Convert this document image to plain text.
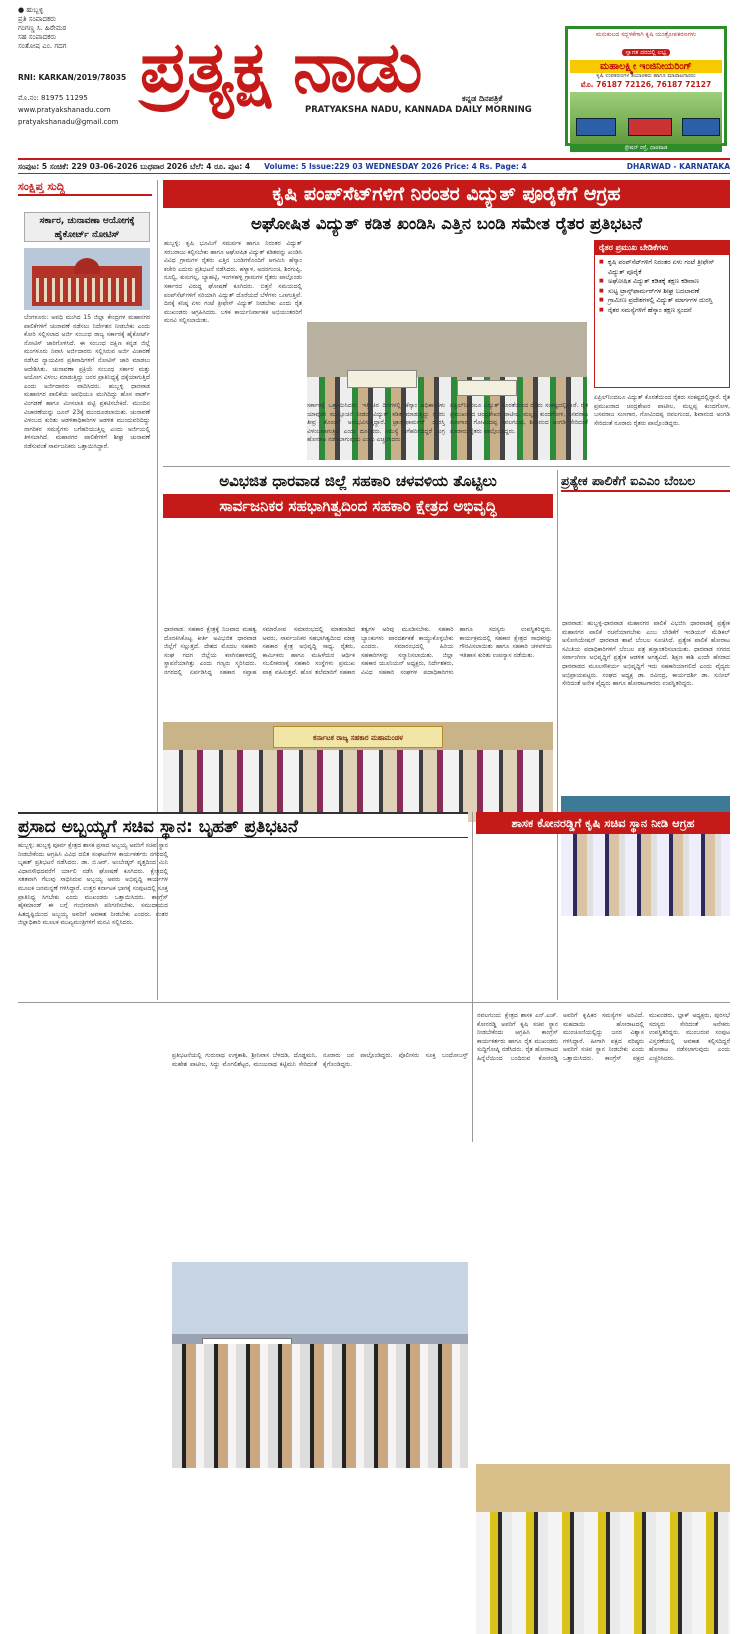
● ಹುಬ್ಬಳ್ಳಿ
ಪ್ರತಿ ಸಂಪಾದಕರು
ಗಂಗಣ್ಣ ಸಿ. ಹಿರೇಮಠ
ಸಹ ಸಂಪಾದಕರು
ಸಂತೋಷ ಎಂ. ಗದಗ
RNI: KARKAN/2019/78035
ಮೊ.ನಂ: 81975 11295
www.pratyakshanadu.com
pratyakshanadu@gmail.com
ಪ್ರತ್ಯಕ್ಷ ನಾಡು	ಕನ್ನಡ ದಿನಪತ್ರಿಕೆ
PRATYAKSHA NADU, KANNADA DAILY MORNING
ಮನುಕುಲದ ಸದ್ಬಳಕೆಗಾಗಿ ಕೃಷಿ ಯಂತ್ರೋಪಕರಣಗಳು
ಸ್ವಾಗತ ದರದಲ್ಲಿ ಲಭ್ಯ
ಮಹಾಲಕ್ಷ್ಮೀ ಇಂಜಿನೀಯರಿಂಗ್
ಕೃಷಿ ಉಪಕರಣಗಳ ತಯಾರಕರು ಹಾಗೂ ಮಾರಾಟಗಾರರು
ಮೊ. 76187 72126, 76187 72127
ಸ್ಟೇಷನ್ ರಸ್ತೆ, ಧಾರವಾಡ
ಸಂಪುಟ: 5 ಸಂಚಿಕೆ: 229 03-06-2026 ಬುಧವಾರ 2026 ಬೆಲೆ: 4 ರೂ. ಪುಟ: 4 Volume: 5 Issue:229 03 WEDNESDAY 2026 Price: 4 Rs. Page: 4	DHARWAD - KARNATAKA
ಸಂಕ್ಷಿಪ್ತ ಸುದ್ದಿ
ಸರ್ಕಾರ, ಚುನಾವಣಾ ಆಯೋಗಕ್ಕೆ ಹೈಕೋರ್ಟ್ ನೋಟಿಸ್
ಬೆಂಗಳೂರು: ಅವಧಿ ಮುಗಿದ 15 ಜಿಲ್ಲಾ ಕೇಂದ್ರಗಳ ಮಹಾನಗರ ಪಾಲಿಕೆಗಳಿಗೆ ಚುನಾವಣೆ ನಡೆಸಲು ನಿರ್ದೇಶನ ನೀಡಬೇಕು ಎಂದು ಕೋರಿ ಸಲ್ಲಿಸಲಾದ ಅರ್ಜಿ ಸಂಬಂಧ ರಾಜ್ಯ ಸರ್ಕಾರಕ್ಕೆ ಹೈಕೋರ್ಟ್ ನೋಟಿಸ್ ಜಾರಿಗೊಳಿಸಿದೆ. ಈ ಸಂಬಂಧ ದಕ್ಷಿಣ ಕನ್ನಡ ಜಿಲ್ಲೆ ಮಂಗಳೂರು ನಿವಾಸಿ ಅರ್ಜಿದಾರರು ಸಲ್ಲಿಸಿರುವ ಅರ್ಜಿ ವಿಚಾರಣೆ ನಡೆಸಿದ ನ್ಯಾಯಪೀಠ ಪ್ರತಿವಾದಿಗಳಿಗೆ ನೋಟಿಸ್ ಜಾರಿ ಮಾಡಲು ಆದೇಶಿಸಿತು. ಚುನಾವಣಾ ಪ್ರಕ್ರಿಯೆ ಸಂಬಂಧ ಸರ್ಕಾರ ಮತ್ತು ಆಯೋಗ ವಿಳಂಬ ಮಾಡುತ್ತಿದ್ದು ಜನರ ಪ್ರಾತಿನಿಧ್ಯಕ್ಕೆ ಧಕ್ಕೆಯಾಗುತ್ತಿದೆ ಎಂದು ಅರ್ಜಿದಾರರು ವಾದಿಸಿದರು. ಹುಬ್ಬಳ್ಳಿ ಧಾರವಾಡ ಮಹಾನಗರ ಪಾಲಿಕೆಯ ಅವಧಿಯೂ ಮುಗಿದಿದ್ದು ಹೊಸ ವಾರ್ಡ್ ವಿಂಗಡಣೆ ಹಾಗೂ ಮೀಸಲಾತಿ ಪಟ್ಟಿ ಪ್ರಕಟಿಸಬೇಕಿದೆ. ಮುಂದಿನ ವಿಚಾರಣೆಯನ್ನು ಜೂನ್ 23ಕ್ಕೆ ಮುಂದೂಡಲಾಯಿತು. ಚುನಾವಣೆ ವಿಳಂಬದ ಕುರಿತು ಆಡಳಿತಾಧಿಕಾರಿಗಳ ಆಡಳಿತ ಮುಂದುವರಿದಿದ್ದು ನಾಗರಿಕರ ಸಮಸ್ಯೆಗಳು ಬಗೆಹರಿಯುತ್ತಿಲ್ಲ ಎಂದು ಅರ್ಜಿಯಲ್ಲಿ ತಿಳಿಸಲಾಗಿದೆ. ಮಹಾನಗರ ಪಾಲಿಕೆಗಳಿಗೆ ಶೀಘ್ರ ಚುನಾವಣೆ ನಡೆಸುವಂತೆ ಸಾರ್ವಜನಿಕರು ಒತ್ತಾಯಿಸಿದ್ದಾರೆ.
ಕೃಷಿ ಪಂಪ್‌ಸೆಟ್‌ಗಳಿಗೆ ನಿರಂತರ ವಿದ್ಯುತ್ ಪೂರೈಕೆಗೆ ಆಗ್ರಹ
ಅಘೋಷಿತ ವಿದ್ಯುತ್ ಕಡಿತ ಖಂಡಿಸಿ ಎತ್ತಿನ ಬಂಡಿ ಸಮೇತ ರೈತರ ಪ್ರತಿಭಟನೆ
ಹುಬ್ಬಳ್ಳಿ: ಕೃಷಿ ಭೂಮಿಗೆ ಸಮರ್ಪಕ ಹಾಗೂ ನಿರಂತರ ವಿದ್ಯುತ್ ಸರಬರಾಜು ಕಲ್ಪಿಸಬೇಕು ಹಾಗೂ ಅಘೋಷಿತ ವಿದ್ಯುತ್ ಕಡಿತವನ್ನು ಖಂಡಿಸಿ ವಿವಿಧ ಗ್ರಾಮಗಳ ರೈತರು ಎತ್ತಿನ ಬಂಡಿಗಳೊಂದಿಗೆ ಆಗಮಿಸಿ ಹೆಸ್ಕಾಂ ಕಚೇರಿ ಎದುರು ಪ್ರತಿಭಟನೆ ನಡೆಸಿದರು. ಹಳ್ಯಾಳ, ಅದರಗುಂಚಿ, ಶಿರಗುಪ್ಪಿ, ನೂಲ್ವಿ, ಕುಸುಗಲ್ಲ, ಬ್ಯಾಹಟ್ಟಿ, ಇಂಗಳಹಳ್ಳಿ ಗ್ರಾಮಗಳ ರೈತರು ಪಾಲ್ಗೊಂಡು ಸರ್ಕಾರದ ವಿರುದ್ಧ ಘೋಷಣೆ ಕೂಗಿದರು. ಬಿತ್ತನೆ ಸಮಯದಲ್ಲಿ ಪಂಪ್‌ಸೆಟ್‌ಗಳಿಗೆ ಸರಿಯಾಗಿ ವಿದ್ಯುತ್ ದೊರೆಯದೆ ಬೆಳೆಗಳು ಒಣಗುತ್ತಿವೆ. ದಿನಕ್ಕೆ ಕನಿಷ್ಠ ಏಳು ಗಂಟೆ ತ್ರೀಫೇಸ್ ವಿದ್ಯುತ್ ನೀಡಬೇಕು ಎಂದು ರೈತ ಮುಖಂಡರು ಆಗ್ರಹಿಸಿದರು. ಬಳಿಕ ಕಾರ್ಯನಿರ್ವಾಹಕ ಅಭಿಯಂತರರಿಗೆ ಮನವಿ ಸಲ್ಲಿಸಲಾಯಿತು.
ಸರ್ಕಾರಕ್ಕೆ ಒತ್ತಾಯಿಸಿದರು. ಇತ್ತೀಚಿನ ದಿನಗಳಲ್ಲಿ ಹೆಸ್ಕಾಂ ಅಧಿಕಾರಿಗಳು ಯಾವುದೇ ಮುನ್ಸೂಚನೆ ನೀಡದೆ ವಿದ್ಯುತ್ ಕಡಿತ ಮಾಡುತ್ತಿದ್ದು ರೈತರು ತೀವ್ರ ತೊಂದರೆ ಅನುಭವಿಸುತ್ತಿದ್ದಾರೆ. ಟ್ರಾನ್ಸ್‌ಫಾರ್ಮರ್ ದುರಸ್ತಿ ವಿಳಂಬವಾಗುತ್ತಿದೆ ಎಂದು ದೂರಿದರು. ಸಮಸ್ಯೆ ಬಗೆಹರಿಸದಿದ್ದರೆ ಉಗ್ರ ಹೋರಾಟ ನಡೆಸಲಾಗುವುದು ಎಂದು ಎಚ್ಚರಿಸಿದರು.
ಏಪ್ರಿಲ್‌ನಿಂದಲೂ ವಿದ್ಯುತ್ ಕೊರತೆಯಿಂದ ರೈತರು ಸಂಕಷ್ಟದಲ್ಲಿದ್ದಾರೆ. ರೈತ ಪ್ರಮುಖರಾದ ಚಂದ್ರಶೇಖರ ಪಾಟೀಲ, ಮಲ್ಲಪ್ಪ ಕುಂದಗೋಳ, ಬಸವರಾಜ ಸುಣಗಾರ, ಗೋವಿಂದಪ್ಪ ನವಲಗುಂದ, ಶಿವಾನಂದ ಅಂಗಡಿ ಸೇರಿದಂತೆ ನೂರಾರು ರೈತರು ಪಾಲ್ಗೊಂಡಿದ್ದರು.
ರೈತರ ಪ್ರಮುಖ ಬೇಡಿಕೆಗಳು
■ ಕೃಷಿ ಪಂಪ್‌ಸೆಟ್‌ಗಳಿಗೆ ನಿರಂತರ ಏಳು ಗಂಟೆ ತ್ರೀಫೇಸ್ ವಿದ್ಯುತ್ ಪೂರೈಕೆ
■ ಅಘೋಷಿತ ವಿದ್ಯುತ್ ಕಡಿತಕ್ಕೆ ತಕ್ಷಣ ಕಡಿವಾಣ
■ ಸುಟ್ಟ ಟ್ರಾನ್ಸ್‌ಫಾರ್ಮರ್‌ಗಳ ಶೀಘ್ರ ಬದಲಾವಣೆ
■ ಗ್ರಾಮೀಣ ಪ್ರದೇಶಗಳಲ್ಲಿ ವಿದ್ಯುತ್ ಮಾರ್ಗಗಳ ದುರಸ್ತಿ
■ ರೈತರ ಸಮಸ್ಯೆಗಳಿಗೆ ಹೆಸ್ಕಾಂ ತಕ್ಷಣ ಸ್ಪಂದನೆ
ಏಪ್ರಿಲ್‌ನಿಂದಲೂ ವಿದ್ಯುತ್ ಕೊರತೆಯಿಂದ ರೈತರು ಸಂಕಷ್ಟದಲ್ಲಿದ್ದಾರೆ. ರೈತ ಪ್ರಮುಖರಾದ ಚಂದ್ರಶೇಖರ ಪಾಟೀಲ, ಮಲ್ಲಪ್ಪ ಕುಂದಗೋಳ, ಬಸವರಾಜ ಸುಣಗಾರ, ಗೋವಿಂದಪ್ಪ ನವಲಗುಂದ, ಶಿವಾನಂದ ಅಂಗಡಿ ಸೇರಿದಂತೆ ನೂರಾರು ರೈತರು ಪಾಲ್ಗೊಂಡಿದ್ದರು.
ಅವಿಭಜಿತ ಧಾರವಾಡ ಜಿಲ್ಲೆ ಸಹಕಾರಿ ಚಳವಳಿಯ ತೊಟ್ಟಿಲು
ಸಾರ್ವಜನಿಕರ ಸಹಭಾಗಿತ್ವದಿಂದ ಸಹಕಾರಿ ಕ್ಷೇತ್ರದ ಅಭಿವೃದ್ಧಿ
ಕರ್ನಾಟಕ ರಾಜ್ಯ ಸಹಕಾರ ಮಹಾಮಂಡಳ
ಧಾರವಾಡ: ಸಹಕಾರ ಕ್ಷೇತ್ರಕ್ಕೆ ನಿಜವಾದ ಮಹತ್ವ ದೊರಕಿಸಿಕೊಟ್ಟ ಕೀರ್ತಿ ಅವಿಭಜಿತ ಧಾರವಾಡ ಜಿಲ್ಲೆಗೆ ಸಲ್ಲುತ್ತದೆ. ದೇಶದ ಮೊದಲ ಸಹಕಾರಿ ಸಂಘ ಗದಗ ಜಿಲ್ಲೆಯ ಕಣಗಿನಹಾಳದಲ್ಲಿ ಸ್ಥಾಪನೆಯಾಗಿತ್ತು ಎಂದು ಗಣ್ಯರು ಸ್ಮರಿಸಿದರು. ನಗರದಲ್ಲಿ ಏರ್ಪಡಿಸಿದ್ದ ಸಹಕಾರ ಸಪ್ತಾಹ ಸಮಾರೋಪ ಸಮಾರಂಭದಲ್ಲಿ ಮಾತನಾಡಿದ ಅವರು, ಸಾರ್ವಜನಿಕರ ಸಹಭಾಗಿತ್ವದಿಂದ ಮಾತ್ರ ಸಹಕಾರ ಕ್ಷೇತ್ರ ಅಭಿವೃದ್ಧಿ ಸಾಧ್ಯ. ರೈತರು, ಕಾರ್ಮಿಕರು ಹಾಗೂ ಮಹಿಳೆಯರ ಆರ್ಥಿಕ ಸಬಲೀಕರಣಕ್ಕೆ ಸಹಕಾರಿ ಸಂಸ್ಥೆಗಳು ಪ್ರಮುಖ ಪಾತ್ರ ವಹಿಸುತ್ತವೆ. ಹೊಸ ತಲೆಮಾರಿಗೆ ಸಹಕಾರ ತತ್ವಗಳ ಅರಿವು ಮೂಡಿಸಬೇಕು. ಸಹಕಾರಿ ಬ್ಯಾಂಕುಗಳು ಪಾರದರ್ಶಕತೆ ಕಾಯ್ದುಕೊಳ್ಳಬೇಕು ಎಂದರು. ಸಮಾರಂಭದಲ್ಲಿ ಹಿರಿಯ ಸಹಕಾರಿಗಳನ್ನು ಸನ್ಮಾನಿಸಲಾಯಿತು. ಜಿಲ್ಲಾ ಸಹಕಾರ ಯೂನಿಯನ್ ಅಧ್ಯಕ್ಷರು, ನಿರ್ದೇಶಕರು, ವಿವಿಧ ಸಹಕಾರಿ ಸಂಘಗಳ ಪದಾಧಿಕಾರಿಗಳು ಹಾಗೂ ಸದಸ್ಯರು ಉಪಸ್ಥಿತರಿದ್ದರು. ಕಾರ್ಯಕ್ರಮದಲ್ಲಿ ಸಹಕಾರ ಕ್ಷೇತ್ರದ ಸಾಧಕರನ್ನು ಗೌರವಿಸಲಾಯಿತು ಹಾಗೂ ಸಹಕಾರಿ ಚಳವಳಿಯ ಇತಿಹಾಸ ಕುರಿತು ಉಪನ್ಯಾಸ ನಡೆಯಿತು.
ಪ್ರತ್ಯೇಕ ಪಾಲಿಕೆಗೆ ಐಎಎಂ ಬೆಂಬಲ
ಧಾರವಾಡ: ಹುಬ್ಬಳ್ಳಿ-ಧಾರವಾಡ ಮಹಾನಗರ ಪಾಲಿಕೆ ವಿಭಜಿಸಿ ಧಾರವಾಡಕ್ಕೆ ಪ್ರತ್ಯೇಕ ಮಹಾನಗರ ಪಾಲಿಕೆ ರಚನೆಯಾಗಬೇಕು ಎಂಬ ಬೇಡಿಕೆಗೆ ಇಂಡಿಯನ್ ಮೆಡಿಕಲ್ ಅಸೋಸಿಯೇಷನ್ ಧಾರವಾಡ ಶಾಖೆ ಬೆಂಬಲ ಸೂಚಿಸಿದೆ. ಪ್ರತ್ಯೇಕ ಪಾಲಿಕೆ ಹೋರಾಟ ಸಮಿತಿಯ ಪದಾಧಿಕಾರಿಗಳಿಗೆ ಬೆಂಬಲ ಪತ್ರ ಹಸ್ತಾಂತರಿಸಲಾಯಿತು. ಧಾರವಾಡ ನಗರದ ಸರ್ವಾಂಗೀಣ ಅಭಿವೃದ್ಧಿಗೆ ಪ್ರತ್ಯೇಕ ಆಡಳಿತ ಅಗತ್ಯವಿದೆ. ಶಿಕ್ಷಣ ಕಾಶಿ ಎಂದೇ ಹೆಸರಾದ ಧಾರವಾಡದ ಮೂಲಸೌಕರ್ಯ ಅಭಿವೃದ್ಧಿಗೆ ಇದು ಸಹಕಾರಿಯಾಗಲಿದೆ ಎಂದು ವೈದ್ಯರು ಅಭಿಪ್ರಾಯಪಟ್ಟರು. ಸಂಘದ ಅಧ್ಯಕ್ಷ ಡಾ. ರವೀಂದ್ರ, ಕಾರ್ಯದರ್ಶಿ ಡಾ. ಸುನೀಲ್ ಸೇರಿದಂತೆ ಅನೇಕ ವೈದ್ಯರು ಹಾಗೂ ಹೋರಾಟಗಾರರು ಉಪಸ್ಥಿತರಿದ್ದರು.
ಪ್ರಸಾದ ಅಬ್ಬಯ್ಯಗೆ ಸಚಿವ ಸ್ಥಾನ: ಬೃಹತ್ ಪ್ರತಿಭಟನೆ
ಹುಬ್ಬಳ್ಳಿ: ಹುಬ್ಬಳ್ಳಿ ಪೂರ್ವ ಕ್ಷೇತ್ರದ ಶಾಸಕ ಪ್ರಸಾದ ಅಬ್ಬಯ್ಯ ಅವರಿಗೆ ಸಚಿವ ಸ್ಥಾನ ನೀಡಬೇಕೆಂದು ಆಗ್ರಹಿಸಿ ವಿವಿಧ ದಲಿತ ಸಂಘಟನೆಗಳ ಕಾರ್ಯಕರ್ತರು ನಗರದಲ್ಲಿ ಬೃಹತ್ ಪ್ರತಿಭಟನೆ ನಡೆಸಿದರು. ಡಾ. ಬಿ.ಆರ್. ಅಂಬೇಡ್ಕರ್ ವೃತ್ತದಿಂದ ಮಿನಿ ವಿಧಾನಸೌಧದವರೆಗೆ ರ್ಯಾಲಿ ನಡೆಸಿ ಘೋಷಣೆ ಕೂಗಿದರು. ಕ್ಷೇತ್ರದಲ್ಲಿ ಸತತವಾಗಿ ಗೆಲುವು ಸಾಧಿಸಿರುವ ಅಬ್ಬಯ್ಯ ಅವರು ಅಭಿವೃದ್ಧಿ ಕಾರ್ಯಗಳ ಮೂಲಕ ಜನಮನ್ನಣೆ ಗಳಿಸಿದ್ದಾರೆ. ಉತ್ತರ ಕರ್ನಾಟಕ ಭಾಗಕ್ಕೆ ಸಂಪುಟದಲ್ಲಿ ಸೂಕ್ತ ಪ್ರಾತಿನಿಧ್ಯ ಸಿಗಬೇಕು ಎಂದು ಮುಖಂಡರು ಒತ್ತಾಯಿಸಿದರು. ಕಾಂಗ್ರೆಸ್ ಹೈಕಮಾಂಡ್ ಈ ಬಗ್ಗೆ ಗಂಭೀರವಾಗಿ ಪರಿಗಣಿಸಬೇಕು. ಸಮುದಾಯದ ಹಿತದೃಷ್ಟಿಯಿಂದ ಅಬ್ಬಯ್ಯ ಅವರಿಗೆ ಅವಕಾಶ ನೀಡಬೇಕು ಎಂದರು. ನಂತರ ಜಿಲ್ಲಾಧಿಕಾರಿ ಮೂಲಕ ಮುಖ್ಯಮಂತ್ರಿಗಳಿಗೆ ಮನವಿ ಸಲ್ಲಿಸಿದರು.
ಪ್ರತಿಭಟನೆಯಲ್ಲಿ ಗುರುನಾಥ ಉಳ್ಳಿಕಾಶಿ, ಶ್ರೀನಿವಾಸ ಬೆಳದಡಿ, ದೊಡ್ಡಮನಿ, ಮಹೇಶ ಪಾಟೀಲ, ಸಿದ್ದು ಮೊಗಲಿಶೆಟ್ಟರ, ಮಂಜುನಾಥ ಕಟ್ಟಿಮನಿ ಸೇರಿದಂತೆ ನೂರಾರು ಜನ ಪಾಲ್ಗೊಂಡಿದ್ದರು. ಪೊಲೀಸರು ಸೂಕ್ತ ಬಂದೋಬಸ್ತ್ ಕೈಗೊಂಡಿದ್ದರು.
ಶಾಸಕ ಕೋನರಡ್ಡಿಗೆ ಕೃಷಿ ಸಚಿವ ಸ್ಥಾನ ನೀಡಿ ಆಗ್ರಹ
ನವಲಗುಂದ: ಕ್ಷೇತ್ರದ ಶಾಸಕ ಎನ್.ಎಚ್. ಕೋನರಡ್ಡಿ ಅವರಿಗೆ ಕೃಷಿ ಸಚಿವ ಸ್ಥಾನ ನೀಡಬೇಕೆಂದು ಆಗ್ರಹಿಸಿ ಕಾಂಗ್ರೆಸ್ ಕಾರ್ಯಕರ್ತರು ಹಾಗೂ ರೈತ ಮುಖಂಡರು ಸುದ್ದಿಗೋಷ್ಠಿ ನಡೆಸಿದರು. ರೈತ ಹೋರಾಟದ ಹಿನ್ನೆಲೆಯಿಂದ ಬಂದಿರುವ ಕೋನರಡ್ಡಿ ಅವರಿಗೆ ಕೃಷಿಕರ ಸಮಸ್ಯೆಗಳ ಅರಿವಿದೆ. ಮಹದಾಯಿ ಹೋರಾಟದಲ್ಲಿ ಮುಂಚೂಣಿಯಲ್ಲಿದ್ದು ಜನರ ವಿಶ್ವಾಸ ಗಳಿಸಿದ್ದಾರೆ. ಹೀಗಾಗಿ ಪಕ್ಷದ ವರಿಷ್ಠರು ಅವರಿಗೆ ಸಚಿವ ಸ್ಥಾನ ನೀಡಬೇಕು ಎಂದು ಒತ್ತಾಯಿಸಿದರು. ಕಾಂಗ್ರೆಸ್ ಪಕ್ಷದ ಮುಖಂಡರು, ಬ್ಲಾಕ್ ಅಧ್ಯಕ್ಷರು, ಪುರಸಭೆ ಸದಸ್ಯರು ಸೇರಿದಂತೆ ಅನೇಕರು ಉಪಸ್ಥಿತರಿದ್ದರು. ಮುಂಬರುವ ಸಂಪುಟ ವಿಸ್ತರಣೆಯಲ್ಲಿ ಅವಕಾಶ ಕಲ್ಪಿಸದಿದ್ದರೆ ಹೋರಾಟ ನಡೆಸಲಾಗುವುದು ಎಂದು ಎಚ್ಚರಿಸಿದರು.
